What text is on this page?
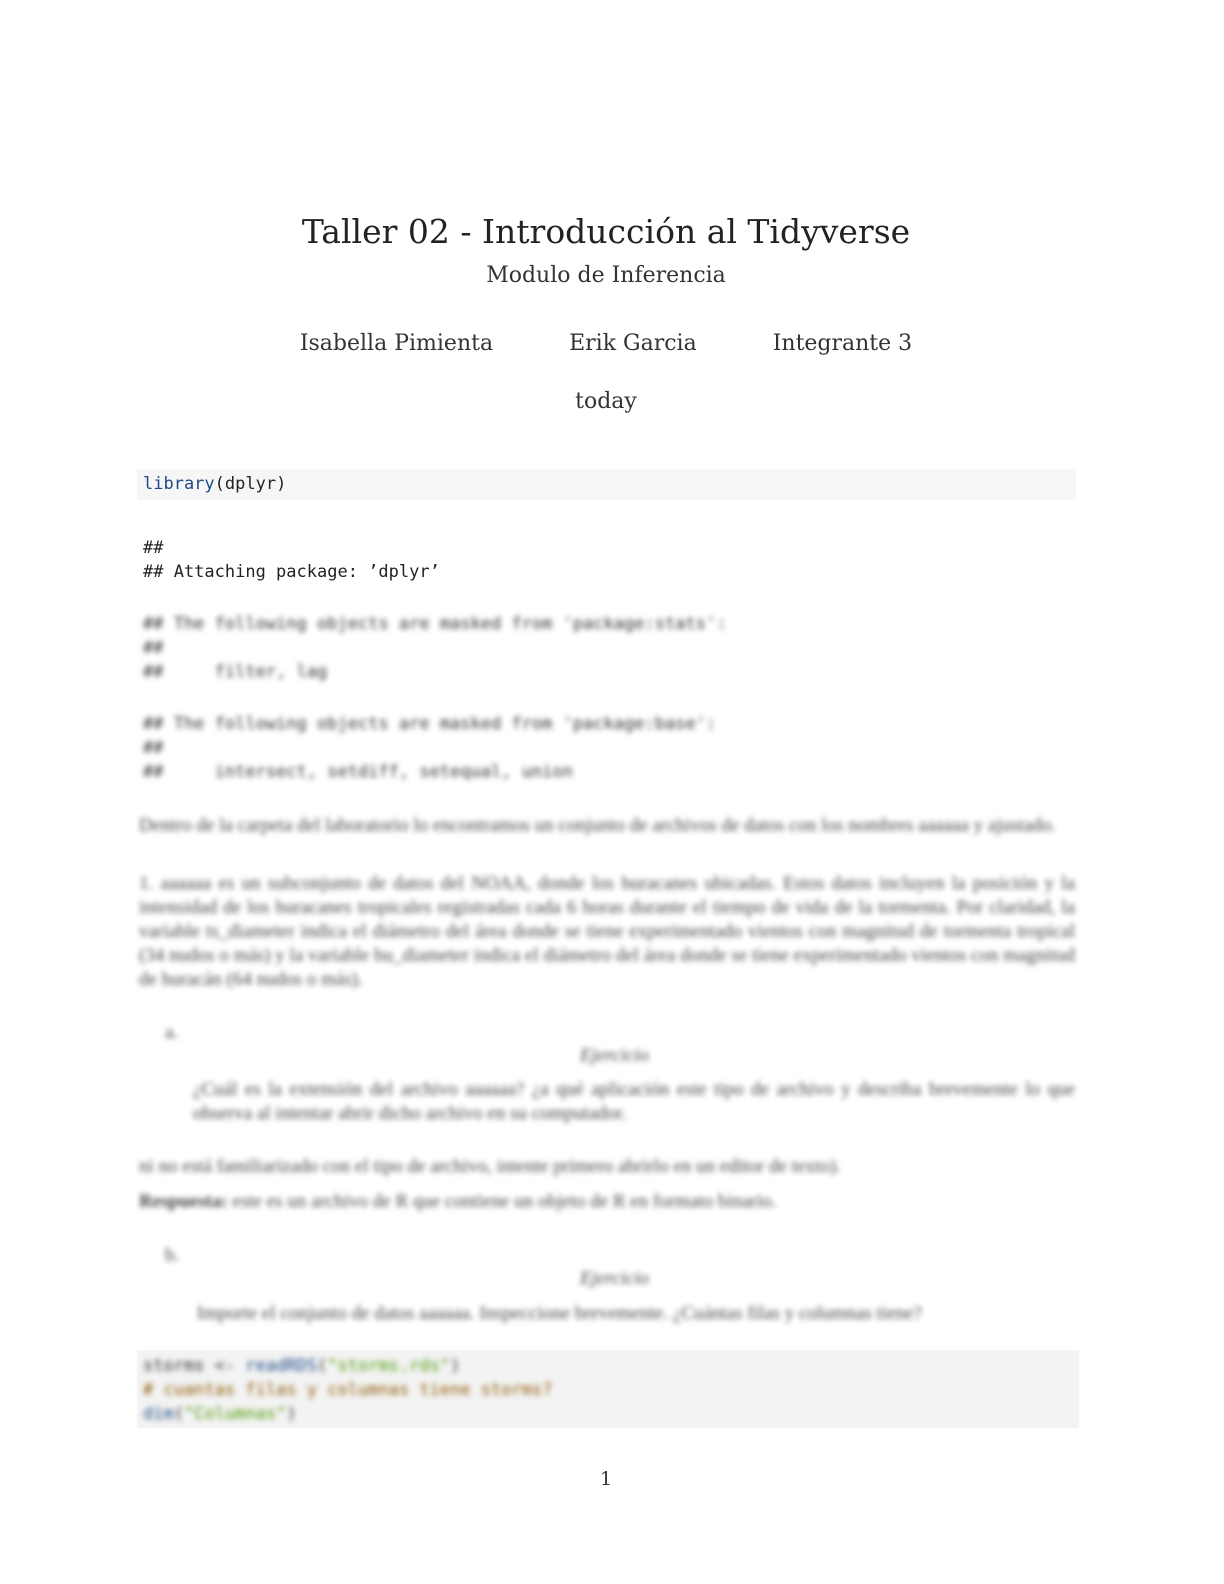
Taller 02 - Introducción al Tidyverse
Modulo de Inferencia
Isabella Pimienta	Erik Garcia	Integrante 3
today
library(dplyr)
##
## Attaching package: ’dplyr’
## The following objects are masked from 'package:stats':
##
##     filter, lag
## The following objects are masked from 'package:base':
##
##     intersect, setdiff, setequal, union
Dentro de la carpeta del laboratorio lo encontramos un conjunto de archivos de datos con los nombres aaaaaa y ajustado.
1. aaaaaa es un subconjunto de datos del NOAA, donde los huracanes ubicadas. Estos datos incluyen la posición y la intensidad de los huracanes tropicales registradas cada 6 horas durante el tiempo de vida de la tormenta. Por claridad, la variable ts_diameter indica el diámetro del área donde se tiene experimentado vientos con magnitud de tormenta tropical (34 nudos o más) y la variable hu_diameter indica el diámetro del área donde se tiene experimentado vientos con magnitud de huracán (64 nudos o más).
a.
Ejercicio
¿Cuál es la extensión del archivo aaaaaa? ¿a qué aplicación este tipo de archivo y describa brevemente lo que observa al intentar abrir dicho archivo en su computador.
ni no está familiarizado con el tipo de archivo, intente primero abrirlo en un editor de texto).
Respuesta: este es un archivo de R que contiene un objeto de R en formato binario.
b.
Ejercicio
Importe el conjunto de datos aaaaaa. Inspeccione brevemente. ¿Cuántas filas y columnas tiene?
storms <- readRDS("storms.rds")
# cuantas filas y columnas tiene storms?
dim("Columnas")
1
